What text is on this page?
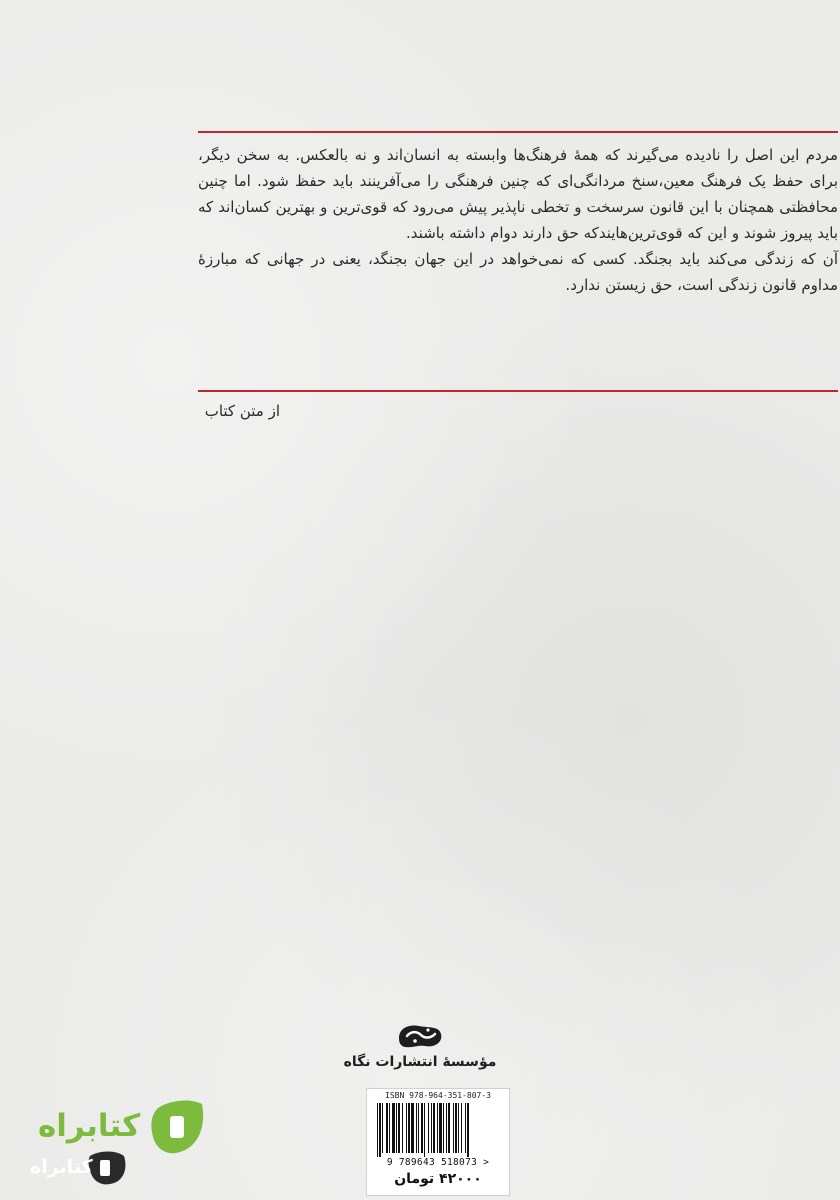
مردم این اصل را نادیده می‌گیرند که همهٔ فرهنگ‌ها وابسته به انسان‌اند و نه بالعکس. به سخن دیگر، برای حفظ یک فرهنگ معین،سنخ مردانگی‌ای که چنین فرهنگی را می‌آفرینند باید حفظ شود. اما چنین محافظتی همچنان با این قانون سرسخت و تخطی ناپذیر پیش می‌رود که قوی‌ترین و بهترین کسان‌اند که باید پیروز شوند و این که قوی‌ترین‌هایندکه حق دارند دوام داشته باشند.

آن که زندگی می‌کند باید بجنگد. کسی که نمی‌خواهد در این جهان بجنگد، یعنی در جهانی که مبارزهٔ مداوم قانون زندگی است، حق زیستن ندارد.

از متن کتاب
مؤسسهٔ انتشارات نگاه
ISBN 978-964-351-807-3
9 789643 518073 >
۴۲۰۰۰ تومان
کتابراه
کتابراه
